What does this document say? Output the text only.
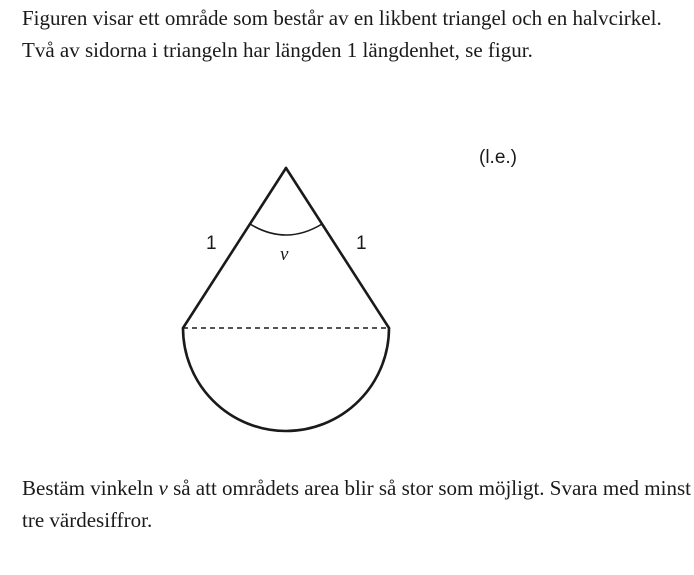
Figuren visar ett område som består av en likbent triangel och en halvcirkel. Två av sidorna i triangeln har längden 1 längdenhet, se figur.

1	1
v
(l.e.)

Bestäm vinkeln v så att områdets area blir så stor som möjligt. Svara med minst tre värdesiffror.
